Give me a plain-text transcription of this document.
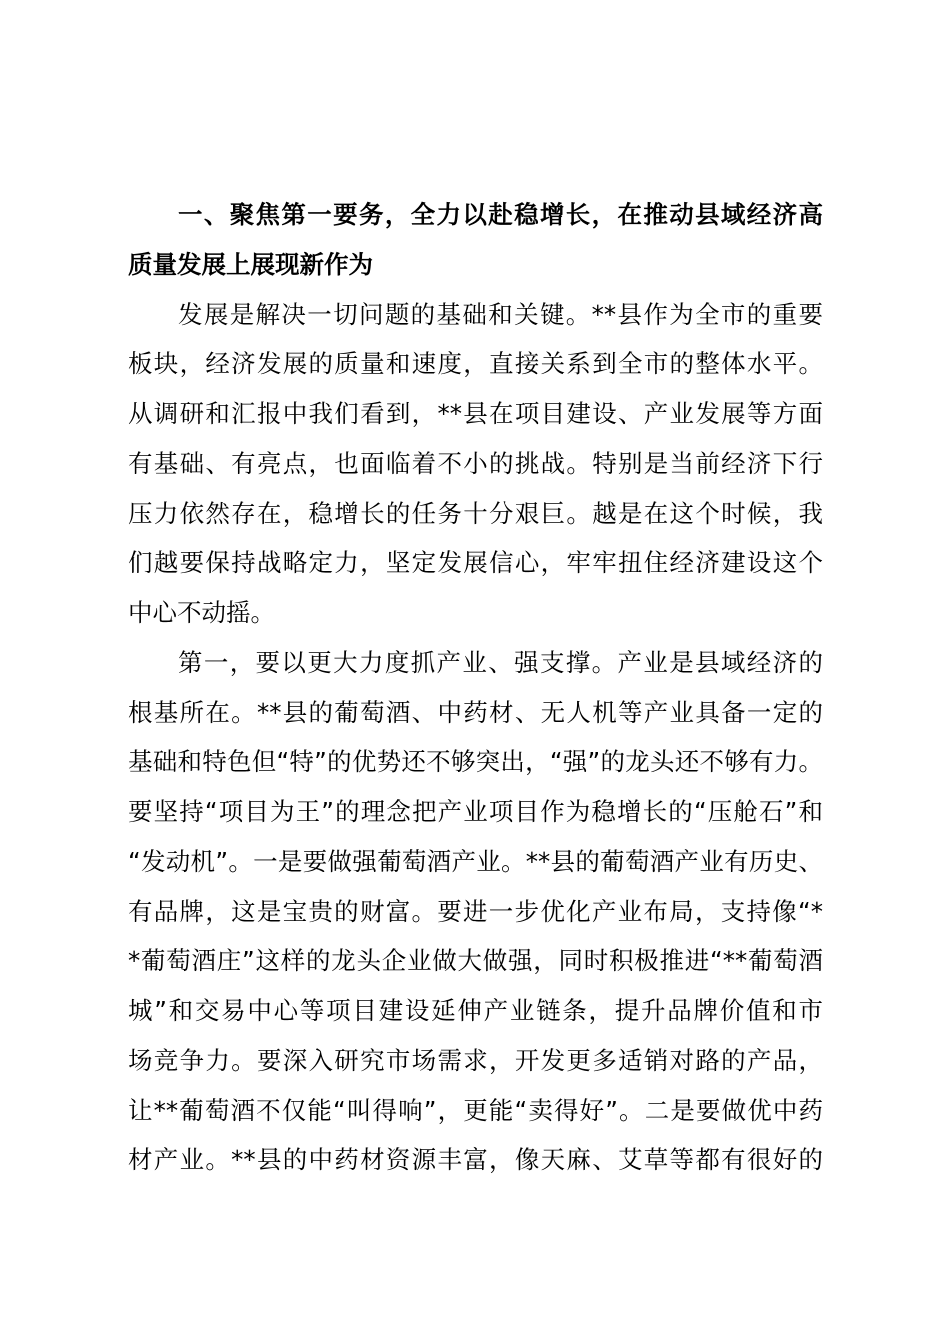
一、聚焦第一要务，全力以赴稳增长，在推动县域经济高
质量发展上展现新作为
发展是解决一切问题的基础和关键。**县作为全市的重要
板块，经济发展的质量和速度，直接关系到全市的整体水平。
从调研和汇报中我们看到，**县在项目建设、产业发展等方面
有基础、有亮点，也面临着不小的挑战。特别是当前经济下行
压力依然存在，稳增长的任务十分艰巨。越是在这个时候，我
们越要保持战略定力，坚定发展信心，牢牢扭住经济建设这个
中心不动摇。
第一，要以更大力度抓产业、强支撑。产业是县域经济的
根基所在。**县的葡萄酒、中药材、无人机等产业具备一定的
基础和特色但“特”的优势还不够突出，“强”的龙头还不够有力。
要坚持“项目为王”的理念把产业项目作为稳增长的“压舱石”和
“发动机”。一是要做强葡萄酒产业。**县的葡萄酒产业有历史、
有品牌，这是宝贵的财富。要进一步优化产业布局，支持像“*
*葡萄酒庄”这样的龙头企业做大做强，同时积极推进“**葡萄酒
城”和交易中心等项目建设延伸产业链条，提升品牌价值和市
场竞争力。要深入研究市场需求，开发更多适销对路的产品，
让**葡萄酒不仅能“叫得响”，更能“卖得好”。二是要做优中药
材产业。**县的中药材资源丰富，像天麻、艾草等都有很好的
